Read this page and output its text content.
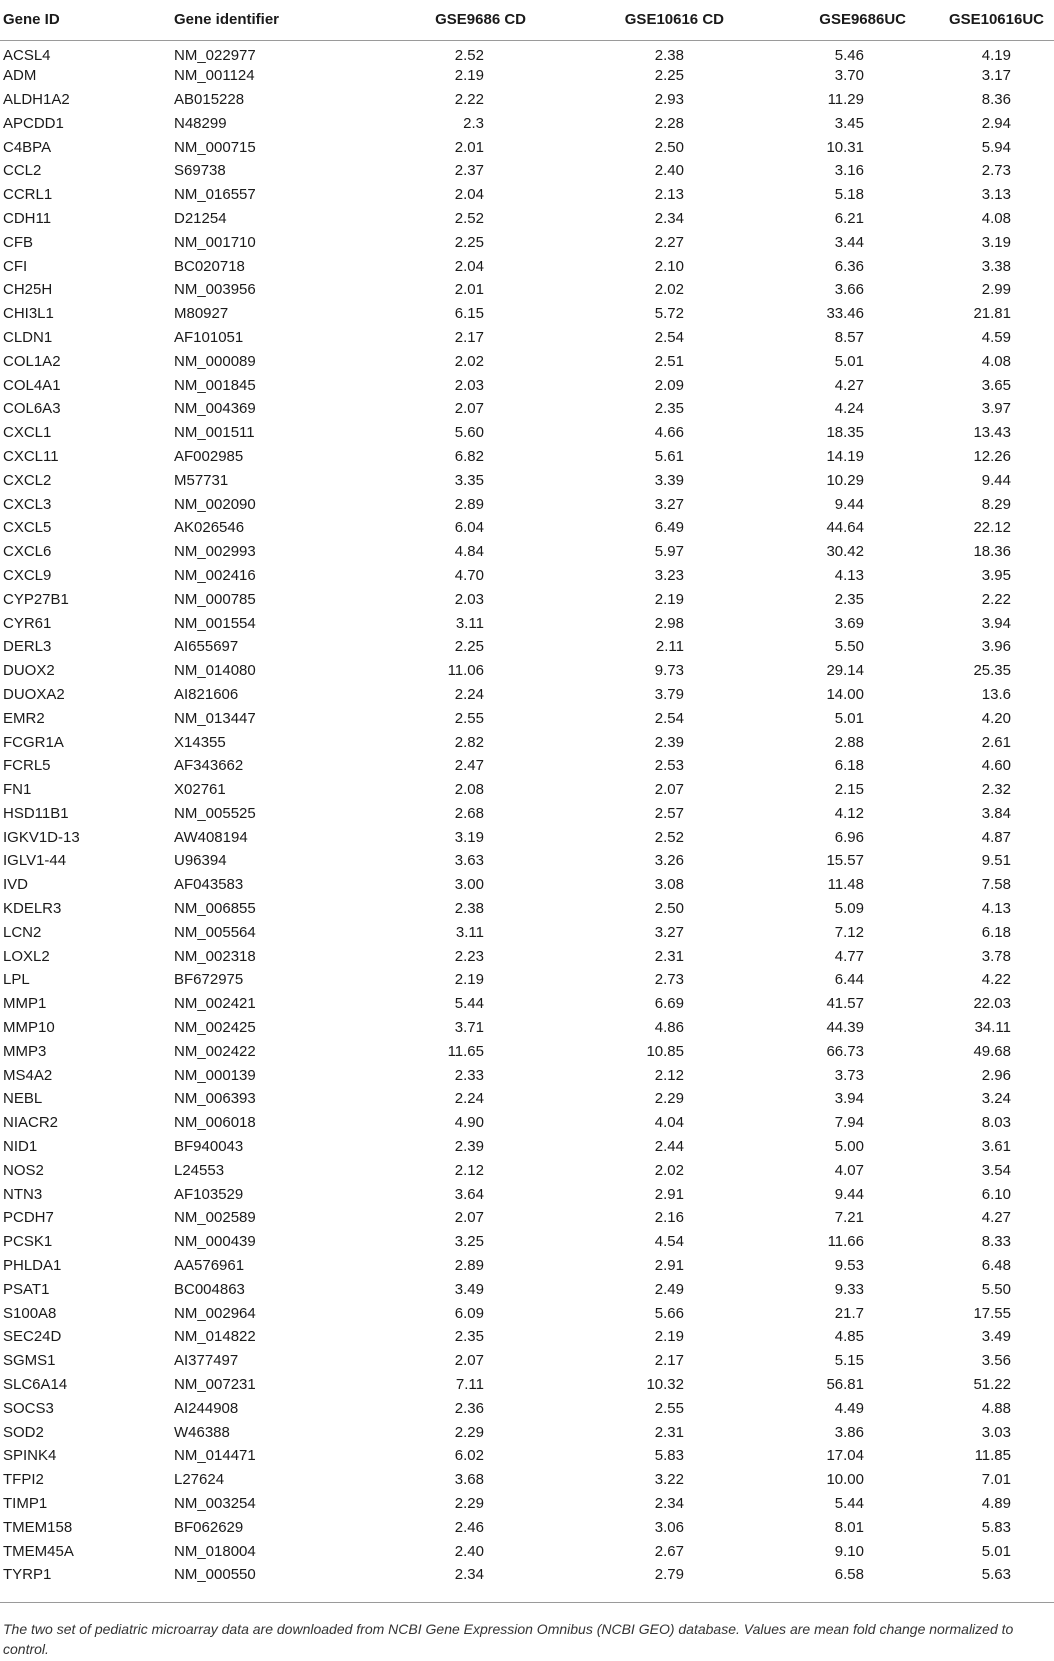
Gene ID	Gene identifier	GSE9686 CD	GSE10616 CD	GSE9686UC	GSE10616UC
ACSL4	NM_022977	2.52	2.38	5.46	4.19
ADM	NM_001124	2.19	2.25	3.70	3.17
ALDH1A2	AB015228	2.22	2.93	11.29	8.36
APCDD1	N48299	2.3	2.28	3.45	2.94
C4BPA	NM_000715	2.01	2.50	10.31	5.94
CCL2	S69738	2.37	2.40	3.16	2.73
CCRL1	NM_016557	2.04	2.13	5.18	3.13
CDH11	D21254	2.52	2.34	6.21	4.08
CFB	NM_001710	2.25	2.27	3.44	3.19
CFI	BC020718	2.04	2.10	6.36	3.38
CH25H	NM_003956	2.01	2.02	3.66	2.99
CHI3L1	M80927	6.15	5.72	33.46	21.81
CLDN1	AF101051	2.17	2.54	8.57	4.59
COL1A2	NM_000089	2.02	2.51	5.01	4.08
COL4A1	NM_001845	2.03	2.09	4.27	3.65
COL6A3	NM_004369	2.07	2.35	4.24	3.97
CXCL1	NM_001511	5.60	4.66	18.35	13.43
CXCL11	AF002985	6.82	5.61	14.19	12.26
CXCL2	M57731	3.35	3.39	10.29	9.44
CXCL3	NM_002090	2.89	3.27	9.44	8.29
CXCL5	AK026546	6.04	6.49	44.64	22.12
CXCL6	NM_002993	4.84	5.97	30.42	18.36
CXCL9	NM_002416	4.70	3.23	4.13	3.95
CYP27B1	NM_000785	2.03	2.19	2.35	2.22
CYR61	NM_001554	3.11	2.98	3.69	3.94
DERL3	AI655697	2.25	2.11	5.50	3.96
DUOX2	NM_014080	11.06	9.73	29.14	25.35
DUOXA2	AI821606	2.24	3.79	14.00	13.6
EMR2	NM_013447	2.55	2.54	5.01	4.20
FCGR1A	X14355	2.82	2.39	2.88	2.61
FCRL5	AF343662	2.47	2.53	6.18	4.60
FN1	X02761	2.08	2.07	2.15	2.32
HSD11B1	NM_005525	2.68	2.57	4.12	3.84
IGKV1D-13	AW408194	3.19	2.52	6.96	4.87
IGLV1-44	U96394	3.63	3.26	15.57	9.51
IVD	AF043583	3.00	3.08	11.48	7.58
KDELR3	NM_006855	2.38	2.50	5.09	4.13
LCN2	NM_005564	3.11	3.27	7.12	6.18
LOXL2	NM_002318	2.23	2.31	4.77	3.78
LPL	BF672975	2.19	2.73	6.44	4.22
MMP1	NM_002421	5.44	6.69	41.57	22.03
MMP10	NM_002425	3.71	4.86	44.39	34.11
MMP3	NM_002422	11.65	10.85	66.73	49.68
MS4A2	NM_000139	2.33	2.12	3.73	2.96
NEBL	NM_006393	2.24	2.29	3.94	3.24
NIACR2	NM_006018	4.90	4.04	7.94	8.03
NID1	BF940043	2.39	2.44	5.00	3.61
NOS2	L24553	2.12	2.02	4.07	3.54
NTN3	AF103529	3.64	2.91	9.44	6.10
PCDH7	NM_002589	2.07	2.16	7.21	4.27
PCSK1	NM_000439	3.25	4.54	11.66	8.33
PHLDA1	AA576961	2.89	2.91	9.53	6.48
PSAT1	BC004863	3.49	2.49	9.33	5.50
S100A8	NM_002964	6.09	5.66	21.7	17.55
SEC24D	NM_014822	2.35	2.19	4.85	3.49
SGMS1	AI377497	2.07	2.17	5.15	3.56
SLC6A14	NM_007231	7.11	10.32	56.81	51.22
SOCS3	AI244908	2.36	2.55	4.49	4.88
SOD2	W46388	2.29	2.31	3.86	3.03
SPINK4	NM_014471	6.02	5.83	17.04	11.85
TFPI2	L27624	3.68	3.22	10.00	7.01
TIMP1	NM_003254	2.29	2.34	5.44	4.89
TMEM158	BF062629	2.46	3.06	8.01	5.83
TMEM45A	NM_018004	2.40	2.67	9.10	5.01
TYRP1	NM_000550	2.34	2.79	6.58	5.63

The two set of pediatric microarray data are downloaded from NCBI Gene Expression Omnibus (NCBI GEO) database. Values are mean fold change normalized to control.
